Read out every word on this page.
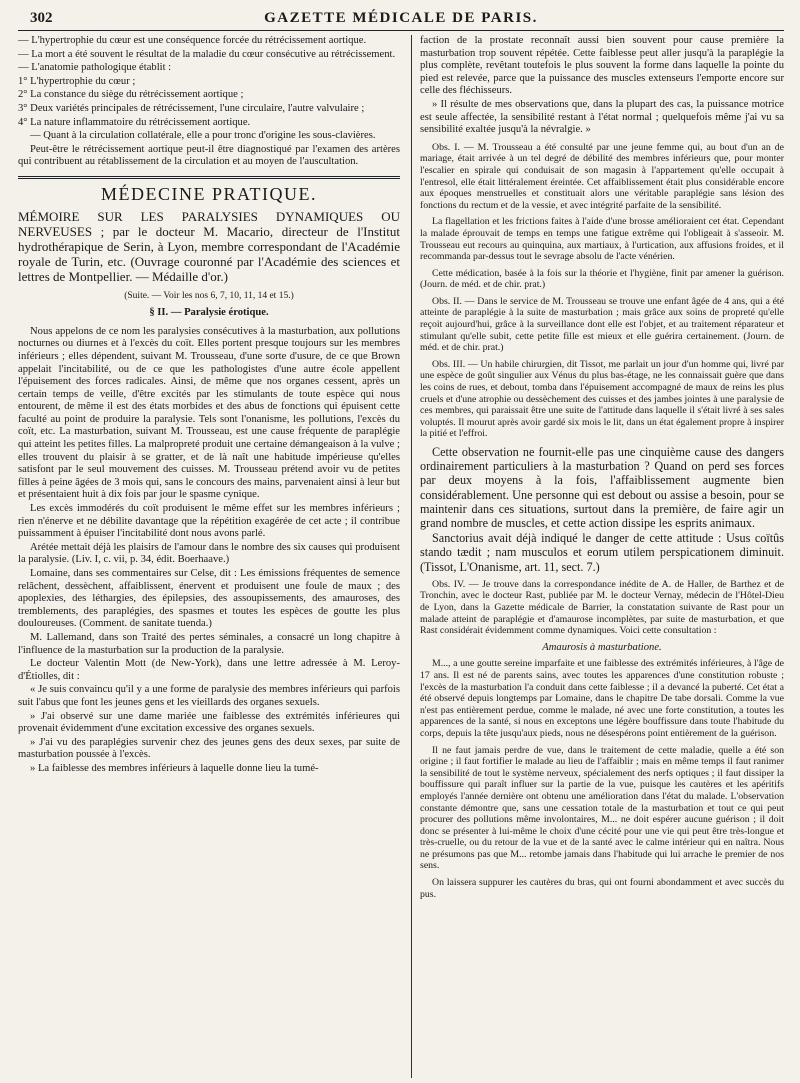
302	GAZETTE MÉDICALE DE PARIS.

— L'hypertrophie du cœur est une conséquence forcée du rétrécissement aortique.

— La mort a été souvent le résultat de la maladie du cœur consécutive au rétrécissement.

— L'anatomie pathologique établit :

1° L'hypertrophie du cœur ;

2° La constance du siège du rétrécissement aortique ;

3° Deux variétés principales de rétrécissement, l'une circulaire, l'autre valvulaire ;

4° La nature inflammatoire du rétrécissement aortique.

— Quant à la circulation collatérale, elle a pour tronc d'origine les sous-clavières.

Peut-être le rétrécissement aortique peut-il être diagnostiqué par l'examen des artères qui contribuent au rétablissement de la circulation et au moyen de l'auscultation.

MÉDECINE PRATIQUE.

MÉMOIRE SUR LES PARALYSIES DYNAMIQUES OU NERVEUSES ; par le docteur M. Macario, directeur de l'Institut hydrothérapique de Serin, à Lyon, membre correspondant de l'Académie royale de Turin, etc. (Ouvrage couronné par l'Académie des sciences et lettres de Montpellier. — Médaille d'or.)

(Suite. — Voir les nos 6, 7, 10, 11, 14 et 15.)
§ II. — Paralysie érotique.

Nous appelons de ce nom les paralysies consécutives à la masturbation, aux pollutions nocturnes ou diurnes et à l'excès du coït. Elles portent presque toujours sur les membres inférieurs ; elles dépendent, suivant M. Trousseau, d'une sorte d'usure, de ce que Brown appelait l'incitabilité, ou de ce que les pathologistes d'une autre école appellent l'épuisement des forces radicales. Ainsi, de même que nos organes cessent, après un certain temps de veille, d'être excités par les stimulants de toute espèce qui nous entourent, de même il est des états morbides et des abus de fonctions qui épuisent cette faculté au point de produire la paralysie. Tels sont l'onanisme, les pollutions, l'excès du coït, etc. La masturbation, suivant M. Trousseau, est une cause fréquente de paraplégie qui atteint les petites filles. La malpropreté produit une certaine démangeaison à la vulve ; elles trouvent du plaisir à se gratter, et de là naît une habitude impérieuse qu'elles satisfont par le seul mouvement des cuisses. M. Trousseau prétend avoir vu de petites filles à peine âgées de 3 mois qui, sans le concours des mains, parvenaient ainsi à leur but et présentaient huit à dix fois par jour le spasme cynique.

Les excès immodérés du coït produisent le même effet sur les membres inférieurs ; rien n'énerve et ne débilite davantage que la répétition exagérée de cet acte ; il contribue puissamment à épuiser l'incitabilité dont nous avons parlé.

Arétée mettait déjà les plaisirs de l'amour dans le nombre des six causes qui produisent la paralysie. (Liv. I, c. vii, p. 34, édit. Boerhaave.)

Lomaine, dans ses commentaires sur Celse, dit : Les émissions fréquentes de semence relâchent, dessèchent, affaiblissent, énervent et produisent une foule de maux ; des apoplexies, des léthargies, des épilepsies, des assoupissements, des amauroses, des tremblements, des paraplégies, des spasmes et toutes les espèces de goutte les plus douloureuses. (Comment. de sanitate tuenda.)

M. Lallemand, dans son Traité des pertes séminales, a consacré un long chapitre à l'influence de la masturbation sur la production de la paralysie.

Le docteur Valentin Mott (de New-York), dans une lettre adressée à M. Leroy-d'Étiolles, dit :

« Je suis convaincu qu'il y a une forme de paralysie des membres inférieurs qui parfois suit l'abus que font les jeunes gens et les vieillards des organes sexuels.

» J'ai observé sur une dame mariée une faiblesse des extrémités inférieures qui provenait évidemment d'une excitation excessive des organes sexuels.

» J'ai vu des paraplégies survenir chez des jeunes gens des deux sexes, par suite de masturbation poussée à l'excès.

» La faiblesse des membres inférieurs à laquelle donne lieu la tumé-

faction de la prostate reconnaît aussi bien souvent pour cause première la masturbation trop souvent répétée. Cette faiblesse peut aller jusqu'à la paraplégie la plus complète, revêtant toutefois le plus souvent la forme dans laquelle la pointe du pied est relevée, parce que la puissance des muscles extenseurs l'emporte encore sur celle des fléchisseurs.

» Il résulte de mes observations que, dans la plupart des cas, la puissance motrice est seule affectée, la sensibilité restant à l'état normal ; quelquefois même j'ai vu sa sensibilité exaltée jusqu'à la névralgie. »

Obs. I. — M. Trousseau a été consulté par une jeune femme qui, au bout d'un an de mariage, était arrivée à un tel degré de débilité des membres inférieurs que, pour monter l'escalier en spirale qui conduisait de son magasin à l'appartement qu'elle occupait à l'entresol, elle était littéralement éreintée. Cet affaiblissement était plus considérable encore aux époques menstruelles et constituait alors une véritable paraplégie sans lésion des fonctions du rectum et de la vessie, et avec intégrité parfaite de la sensibilité.

La flagellation et les frictions faites à l'aide d'une brosse amélioraient cet état. Cependant la malade éprouvait de temps en temps une fatigue extrême qui l'obligeait à s'asseoir. M. Trousseau eut recours au quinquina, aux martiaux, à l'urtication, aux affusions froides, et il recommanda par-dessus tout le sevrage absolu de l'acte vénérien.

Cette médication, basée à la fois sur la théorie et l'hygiène, finit par amener la guérison. (Journ. de méd. et de chir. prat.)

Obs. II. — Dans le service de M. Trousseau se trouve une enfant âgée de 4 ans, qui a été atteinte de paraplégie à la suite de masturbation ; mais grâce aux soins de propreté qu'elle reçoit aujourd'hui, grâce à la surveillance dont elle est l'objet, et au traitement réparateur et stimulant qu'elle subit, cette petite fille est mieux et elle guérira certainement. (Journ. de méd. et de chir. prat.)

Obs. III. — Un habile chirurgien, dit Tissot, me parlait un jour d'un homme qui, livré par une espèce de goût singulier aux Vénus du plus bas-étage, ne les connaissait guère que dans les coins de rues, et debout, tomba dans l'épuisement accompagné de maux de reins les plus cruels et d'une atrophie ou dessèchement des cuisses et des jambes jointes à une paralysie de ces membres, qui paraissait être une suite de l'attitude dans laquelle il s'était livré à ses sales voluptés. Il mourut après avoir gardé six mois le lit, dans un état également propre à inspirer la pitié et l'effroi.

Cette observation ne fournit-elle pas une cinquième cause des dangers ordinairement particuliers à la masturbation ? Quand on perd ses forces par deux moyens à la fois, l'affaiblissement augmente bien considérablement. Une personne qui est debout ou assise a besoin, pour se maintenir dans ces situations, surtout dans la première, de faire agir un grand nombre de muscles, et cette action dissipe les esprits animaux.

Sanctorius avait déjà indiqué le danger de cette attitude : Usus coïtûs stando tædit ; nam musculos et eorum utilem perspicationem diminuit. (Tissot, L'Onanisme, art. 11, sect. 7.)

Obs. IV. — Je trouve dans la correspondance inédite de A. de Haller, de Barthez et de Tronchin, avec le docteur Rast, publiée par M. le docteur Vernay, médecin de l'Hôtel-Dieu de Lyon, dans la Gazette médicale de Barrier, la constatation suivante de Rast pour un malade atteint de paraplégie et d'amaurose incomplètes, par suite de masturbation, et que Rast considérait évidemment comme dynamiques. Voici cette consultation :

Amaurosis à masturbatione.

M..., a une goutte sereine imparfaite et une faiblesse des extrémités inférieures, à l'âge de 17 ans. Il est né de parents sains, avec toutes les apparences d'une constitution robuste ; l'excès de la masturbation l'a conduit dans cette faiblesse ; il a devancé la puberté. Cet état a été observé depuis longtemps par Lomaine, dans le chapitre De tabe dorsali. Comme la vue n'est pas entièrement perdue, comme le malade, né avec une forte constitution, a toutes les apparences de la santé, si nous en exceptons une légère bouffissure dans toute l'habitude du corps, depuis la tête jusqu'aux pieds, nous ne désespérons point entièrement de la guérison.

Il ne faut jamais perdre de vue, dans le traitement de cette maladie, quelle a été son origine ; il faut fortifier le malade au lieu de l'affaiblir ; mais en même temps il faut ranimer la sensibilité de tout le système nerveux, spécialement des nerfs optiques ; il faut dissiper la bouffissure qui paraît influer sur la partie de la vue, puisque les cautères et les apéritifs employés l'année dernière ont obtenu une amélioration dans l'état du malade. L'observation constante démontre que, sans une cessation totale de la masturbation et tout ce qui peut procurer des pollutions même involontaires, M... ne doit espérer aucune guérison ; il doit donc se présenter à lui-même le choix d'une cécité pour une vie qui peut être très-longue et très-cruelle, ou du retour de la vue et de la santé avec le calme intérieur qui en naîtra. Nous ne présumons pas que M... retombe jamais dans l'habitude qui lui arrache le premier de nos sens.

On laissera suppurer les cautères du bras, qui ont fourni abondamment et avec succès du pus.
